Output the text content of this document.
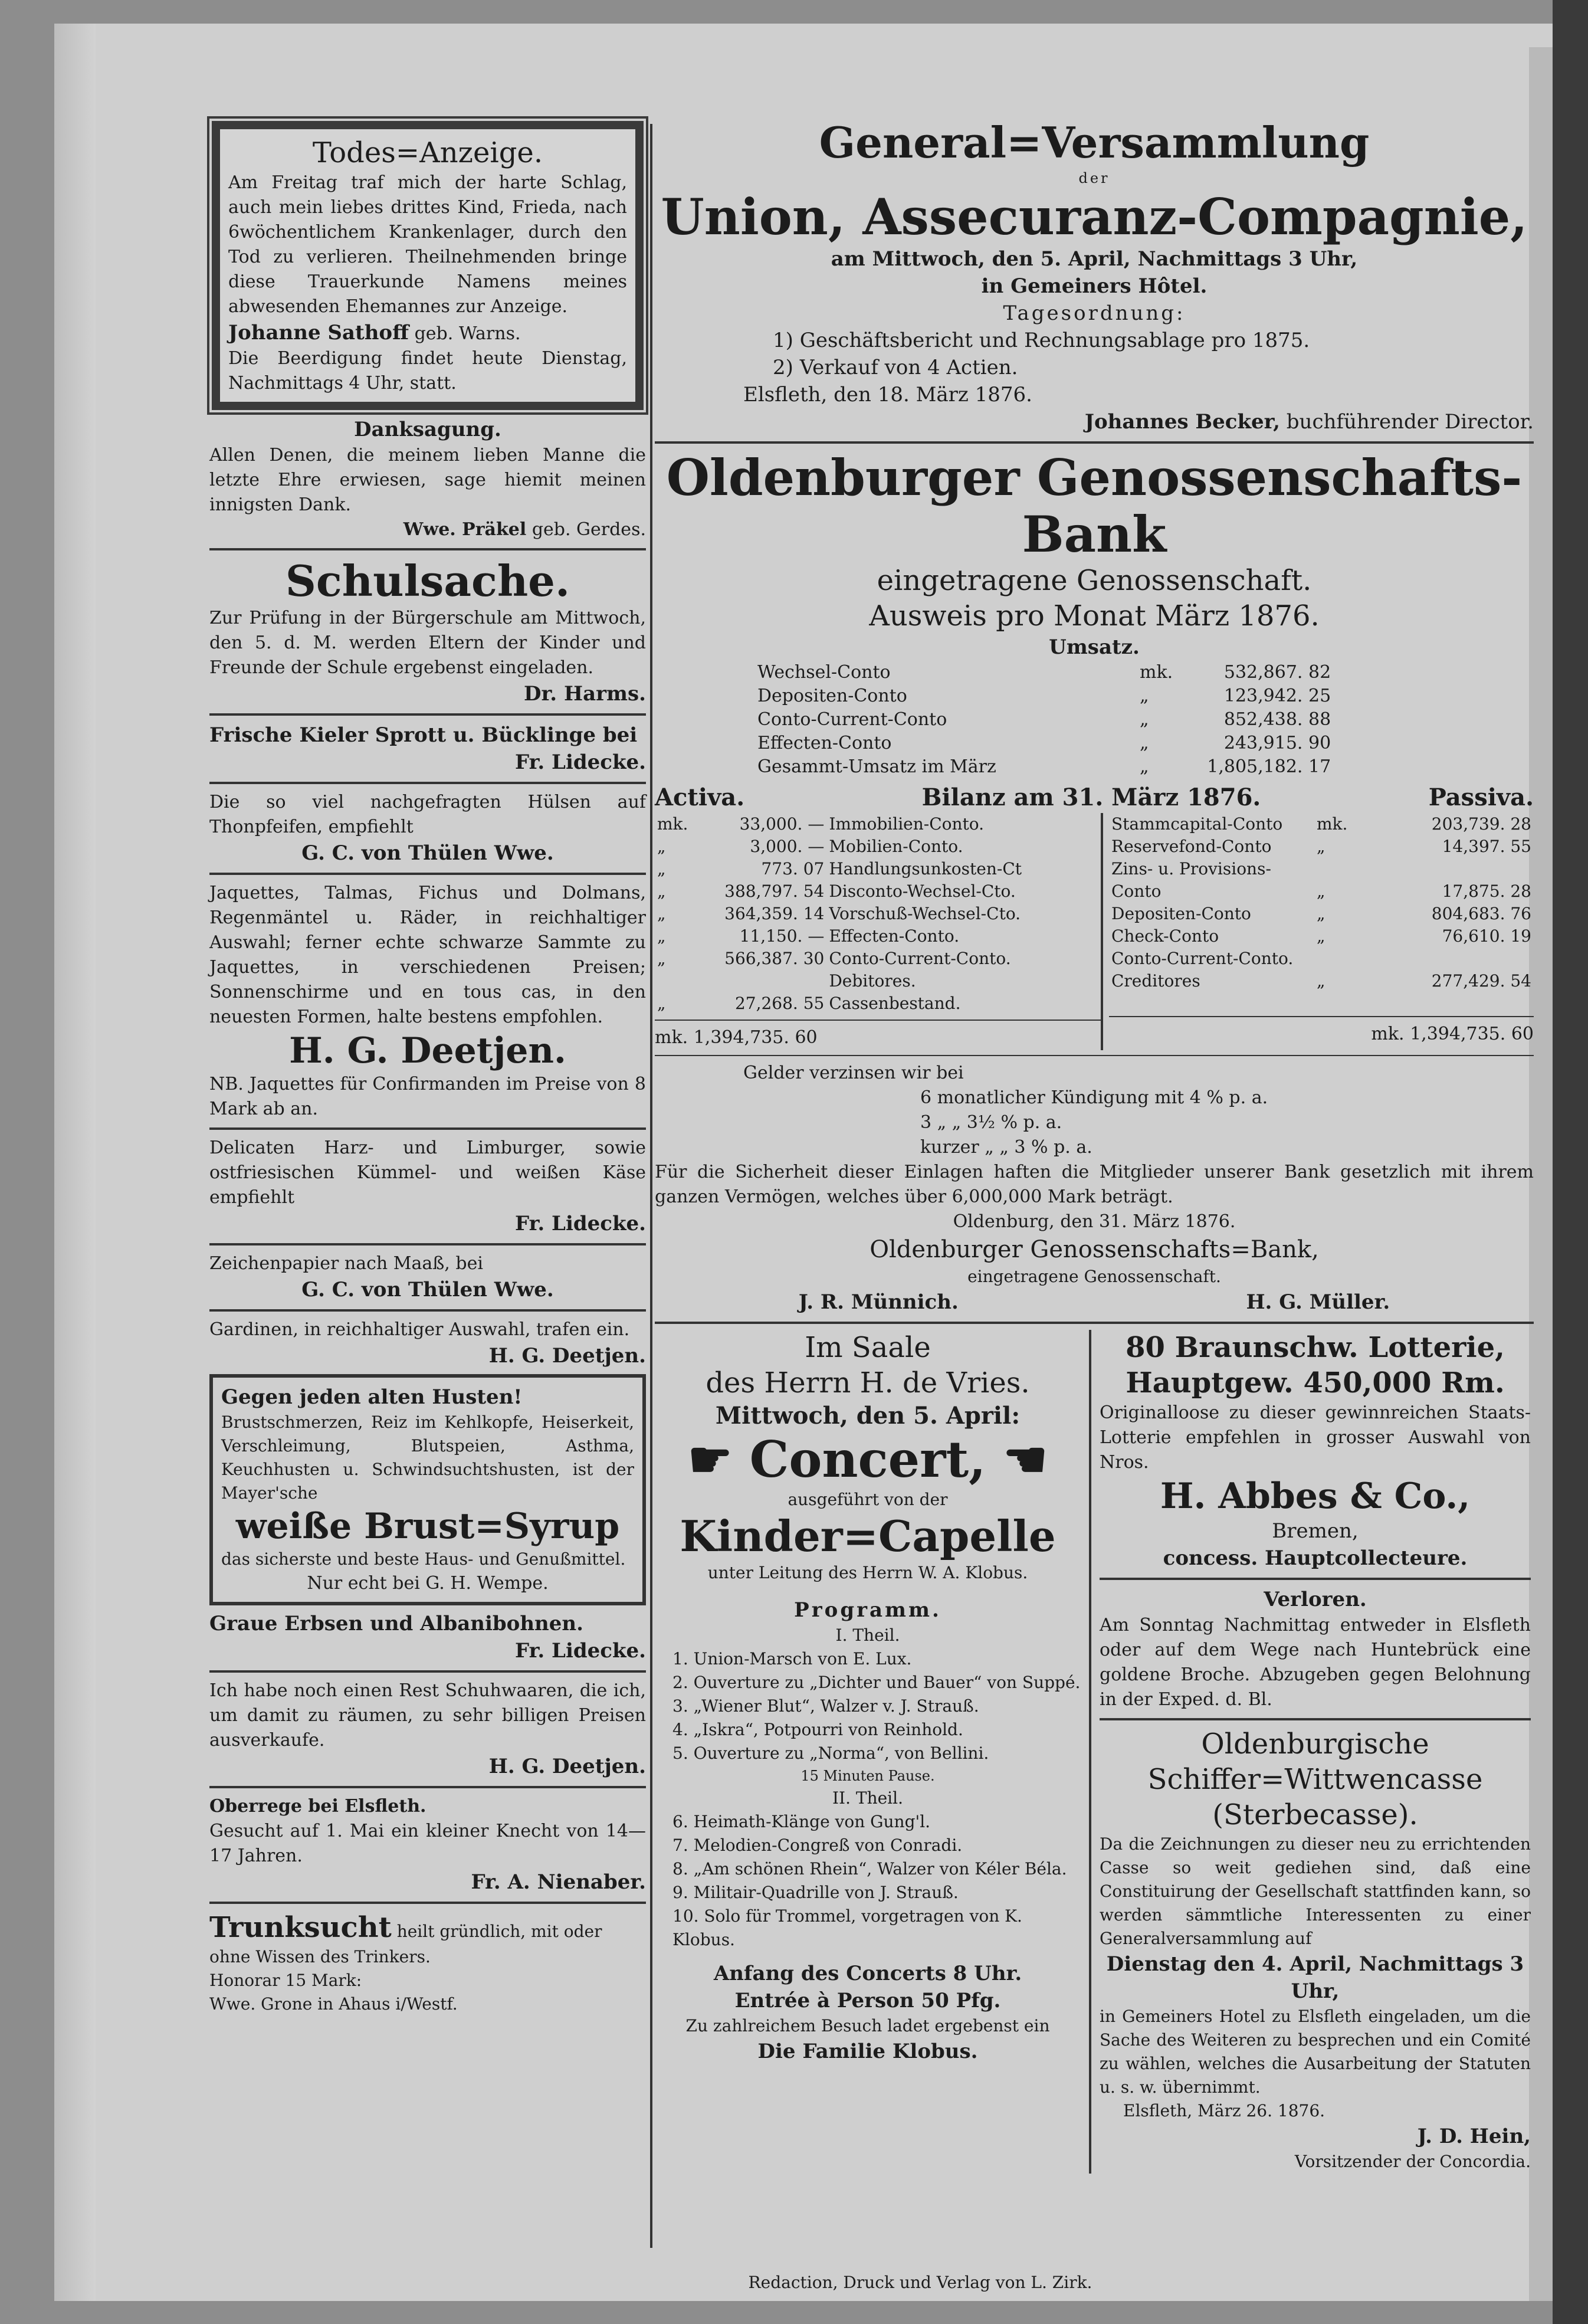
Todes=Anzeige.

Am Freitag traf mich der harte Schlag, auch mein liebes drittes Kind, Frieda, nach 6wöchentlichem Krankenlager, durch den Tod zu verlieren. Theilnehmenden bringe diese Trauerkunde Namens meines abwesenden Ehemannes zur Anzeige.

Johanne Sathoff geb. Warns.

Die Beerdigung findet heute Dienstag, Nachmittags 4 Uhr, statt.

Danksagung.

Allen Denen, die meinem lieben Manne die letzte Ehre erwiesen, sage hiemit meinen innigsten Dank.

Wwe. Präkel geb. Gerdes.

Schulsache.

Zur Prüfung in der Bürgerschule am Mittwoch, den 5. d. M. werden Eltern der Kinder und Freunde der Schule ergebenst eingeladen.

Dr. Harms.

Frische Kieler Sprott u. Bücklinge bei

Fr. Lidecke.

Die so viel nachgefragten Hülsen auf Thonpfeifen, empfiehlt

G. C. von Thülen Wwe.

Jaquettes, Talmas, Fichus und Dolmans, Regenmäntel u. Räder, in reichhaltiger Auswahl; ferner echte schwarze Sammte zu Jaquettes, in verschiedenen Preisen; Sonnenschirme und en tous cas, in den neuesten Formen, halte bestens empfohlen.

H. G. Deetjen.

NB. Jaquettes für Confirmanden im Preise von 8 Mark ab an.

Delicaten Harz- und Limburger, sowie ostfriesischen Kümmel- und weißen Käse empfiehlt

Fr. Lidecke.

Zeichenpapier nach Maaß, bei

G. C. von Thülen Wwe.

Gardinen, in reichhaltiger Auswahl, trafen ein.

H. G. Deetjen.

Gegen jeden alten Husten!

Brustschmerzen, Reiz im Kehlkopfe, Heiserkeit, Verschleimung, Blutspeien, Asthma, Keuchhusten u. Schwindsuchtshusten, ist der Mayer'sche

weiße Brust=Syrup

das sicherste und beste Haus- und Genußmittel.

Nur echt bei G. H. Wempe.

Graue Erbsen und Albanibohnen.

Fr. Lidecke.

Ich habe noch einen Rest Schuhwaaren, die ich, um damit zu räumen, zu sehr billigen Preisen ausverkaufe.

H. G. Deetjen.

Oberrege bei Elsfleth.

Gesucht auf 1. Mai ein kleiner Knecht von 14—17 Jahren.

Fr. A. Nienaber.

Trunksucht heilt gründlich, mit oder ohne Wissen des Trinkers.

Honorar 15 Mark:

Wwe. Grone in Ahaus i/Westf.

General=Versammlung

der

Union, Assecuranz-Compagnie,

am Mittwoch, den 5. April, Nachmittags 3 Uhr,

in Gemeiners Hôtel.

Tagesordnung:

1) Geschäftsbericht und Rechnungsablage pro 1875.

2) Verkauf von 4 Actien.

Elsfleth, den 18. März 1876.

Johannes Becker, buchführender Director.

Oldenburger Genossenschafts-Bank

eingetragene Genossenschaft.

Ausweis pro Monat März 1876.

Umsatz.

Wechsel-Conto	mk.	532,867. 82
Depositen-Conto	„	123,942. 25
Conto-Current-Conto	„	852,438. 88
Effecten-Conto	„	243,915. 90
Gesammt-Umsatz im März	„	1,805,182. 17
Activa.	Bilanz am 31. März 1876.	Passiva.
mk.	33,000. —	Immobilien-Conto.
„	3,000. —	Mobilien-Conto.
„	773. 07	Handlungsunkosten-Ct
„	388,797. 54	Disconto-Wechsel-Cto.
„	364,359. 14	Vorschuß-Wechsel-Cto.
„	11,150. —	Effecten-Conto.
„	566,387. 30	Conto-Current-Conto. Debitores.
„	27,268. 55	Cassenbestand.

mk. 1,394,735. 60

Stammcapital-Conto	mk.	203,739. 28
Reservefond-Conto	„	14,397. 55
Zins- u. Provisions-Conto	„	17,875. 28
Depositen-Conto	„	804,683. 76
Check-Conto	„	76,610. 19
Conto-Current-Conto. Creditores	„	277,429. 54

mk. 1,394,735. 60

Gelder verzinsen wir bei

6 monatlicher Kündigung mit 4 % p. a.

3 „ „ 3½ % p. a.

kurzer „ „ 3 % p. a.

Für die Sicherheit dieser Einlagen haften die Mitglieder unserer Bank gesetzlich mit ihrem ganzen Vermögen, welches über 6,000,000 Mark beträgt.

Oldenburg, den 31. März 1876.

Oldenburger Genossenschafts=Bank,

eingetragene Genossenschaft.

J. R. Münnich.	H. G. Müller.

Im Saale

des Herrn H. de Vries.

Mittwoch, den 5. April:

☛ Concert, ☚

ausgeführt von der

Kinder=Capelle

unter Leitung des Herrn W. A. Klobus.

Programm.

I. Theil.

1. Union-Marsch von E. Lux.

2. Ouverture zu „Dichter und Bauer“ von Suppé.

3. „Wiener Blut“, Walzer v. J. Strauß.

4. „Iskra“, Potpourri von Reinhold.

5. Ouverture zu „Norma“, von Bellini.

15 Minuten Pause.

II. Theil.

6. Heimath-Klänge von Gung'l.

7. Melodien-Congreß von Conradi.

8. „Am schönen Rhein“, Walzer von Kéler Béla.

9. Militair-Quadrille von J. Strauß.

10. Solo für Trommel, vorgetragen von K. Klobus.

Anfang des Concerts 8 Uhr.

Entrée à Person 50 Pfg.

Zu zahlreichem Besuch ladet ergebenst ein

Die Familie Klobus.

80 Braunschw. Lotterie,

Hauptgew. 450,000 Rm.

Originalloose zu dieser gewinnreichen Staats-Lotterie empfehlen in grosser Auswahl von Nros.

H. Abbes & Co.,

Bremen,

concess. Hauptcollecteure.

Verloren.

Am Sonntag Nachmittag entweder in Elsfleth oder auf dem Wege nach Huntebrück eine goldene Broche. Abzugeben gegen Belohnung in der Exped. d. Bl.

Oldenburgische Schiffer=Wittwencasse (Sterbecasse).

Da die Zeichnungen zu dieser neu zu errichtenden Casse so weit gediehen sind, daß eine Constituirung der Gesellschaft stattfinden kann, so werden sämmtliche Interessenten zu einer Generalversammlung auf

Dienstag den 4. April, Nachmittags 3 Uhr,

in Gemeiners Hotel zu Elsfleth eingeladen, um die Sache des Weiteren zu besprechen und ein Comité zu wählen, welches die Ausarbeitung der Statuten u. s. w. übernimmt.

Elsfleth, März 26. 1876.

J. D. Hein,

Vorsitzender der Concordia.

Redaction, Druck und Verlag von L. Zirk.
